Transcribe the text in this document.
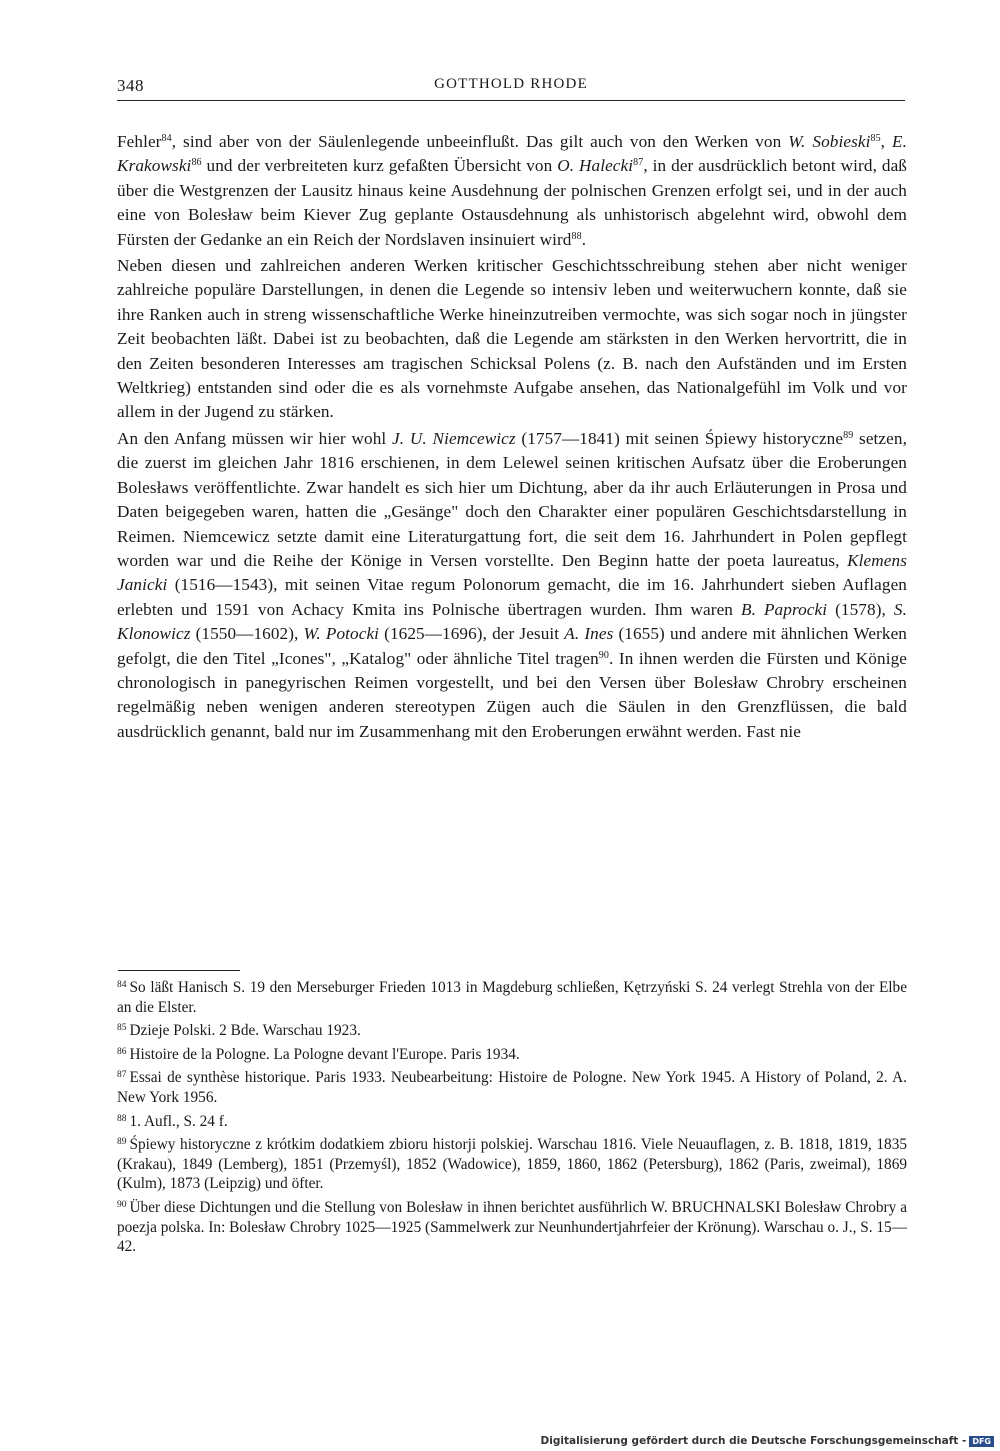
348	GOTTHOLD RHODE

Fehler$^{84}$, sind aber von der Säulenlegende unbeeinflußt. Das gilt auch von den Werken von W. Sobieski$^{85}$, E. Krakowski$^{86}$ und der verbreiteten kurz gefaßten Übersicht von O. Halecki$^{87}$, in der ausdrücklich betont wird, daß über die Westgrenzen der Lausitz hinaus keine Ausdehnung der polnischen Grenzen erfolgt sei, und in der auch eine von Bolesław beim Kiever Zug geplante Ostausdehnung als unhistorisch abgelehnt wird, obwohl dem Fürsten der Gedanke an ein Reich der Nordslaven insinuiert wird$^{88}$.

Neben diesen und zahlreichen anderen Werken kritischer Geschichtsschreibung stehen aber nicht weniger zahlreiche populäre Darstellungen, in denen die Legende so intensiv leben und weiterwuchern konnte, daß sie ihre Ranken auch in streng wissenschaftliche Werke hineinzutreiben vermochte, was sich sogar noch in jüngster Zeit beobachten läßt. Dabei ist zu beobachten, daß die Legende am stärksten in den Werken hervortritt, die in den Zeiten besonderen Interesses am tragischen Schicksal Polens (z. B. nach den Aufständen und im Ersten Weltkrieg) entstanden sind oder die es als vornehmste Aufgabe ansehen, das Nationalgefühl im Volk und vor allem in der Jugend zu stärken.

An den Anfang müssen wir hier wohl J. U. Niemcewicz (1757—1841) mit seinen Śpiewy historyczne$^{89}$ setzen, die zuerst im gleichen Jahr 1816 erschienen, in dem Lelewel seinen kritischen Aufsatz über die Eroberungen Bolesławs veröffentlichte. Zwar handelt es sich hier um Dichtung, aber da ihr auch Erläuterungen in Prosa und Daten beigegeben waren, hatten die „Gesänge" doch den Charakter einer populären Geschichtsdarstellung in Reimen. Niemcewicz setzte damit eine Literaturgattung fort, die seit dem 16. Jahrhundert in Polen gepflegt worden war und die Reihe der Könige in Versen vorstellte. Den Beginn hatte der poeta laureatus, Klemens Janicki (1516—1543), mit seinen Vitae regum Polonorum gemacht, die im 16. Jahrhundert sieben Auflagen erlebten und 1591 von Achacy Kmita ins Polnische übertragen wurden. Ihm waren B. Paprocki (1578), S. Klonowicz (1550—1602), W. Potocki (1625—1696), der Jesuit A. Ines (1655) und andere mit ähnlichen Werken gefolgt, die den Titel „Icones", „Katalog" oder ähnliche Titel tragen$^{90}$. In ihnen werden die Fürsten und Könige chronologisch in panegyrischen Reimen vorgestellt, und bei den Versen über Bolesław Chrobry erscheinen regelmäßig neben wenigen anderen stereotypen Zügen auch die Säulen in den Grenzflüssen, die bald ausdrücklich genannt, bald nur im Zusammenhang mit den Eroberungen erwähnt werden. Fast nie

$^{84}$ So läßt Hanisch S. 19 den Merseburger Frieden 1013 in Magdeburg schließen, Kętrzyński S. 24 verlegt Strehla von der Elbe an die Elster.

$^{85}$ Dzieje Polski. 2 Bde. Warschau 1923.

$^{86}$ Histoire de la Pologne. La Pologne devant l'Europe. Paris 1934.

$^{87}$ Essai de synthèse historique. Paris 1933. Neubearbeitung: Histoire de Pologne. New York 1945. A History of Poland, 2. A. New York 1956.

$^{88}$ 1. Aufl., S. 24 f.

$^{89}$ Śpiewy historyczne z krótkim dodatkiem zbioru historji polskiej. Warschau 1816. Viele Neuauflagen, z. B. 1818, 1819, 1835 (Krakau), 1849 (Lemberg), 1851 (Przemyśl), 1852 (Wadowice), 1859, 1860, 1862 (Petersburg), 1862 (Paris, zweimal), 1869 (Kulm), 1873 (Leipzig) und öfter.

$^{90}$ Über diese Dichtungen und die Stellung von Bolesław in ihnen berichtet ausführlich W. BRUCHNALSKI Bolesław Chrobry a poezja polska. In: Bolesław Chrobry 1025—1925 (Sammelwerk zur Neunhundertjahrfeier der Krönung). Warschau o. J., S. 15—42.

Digitalisierung gefördert durch die Deutsche Forschungsgemeinschaft - DFG
